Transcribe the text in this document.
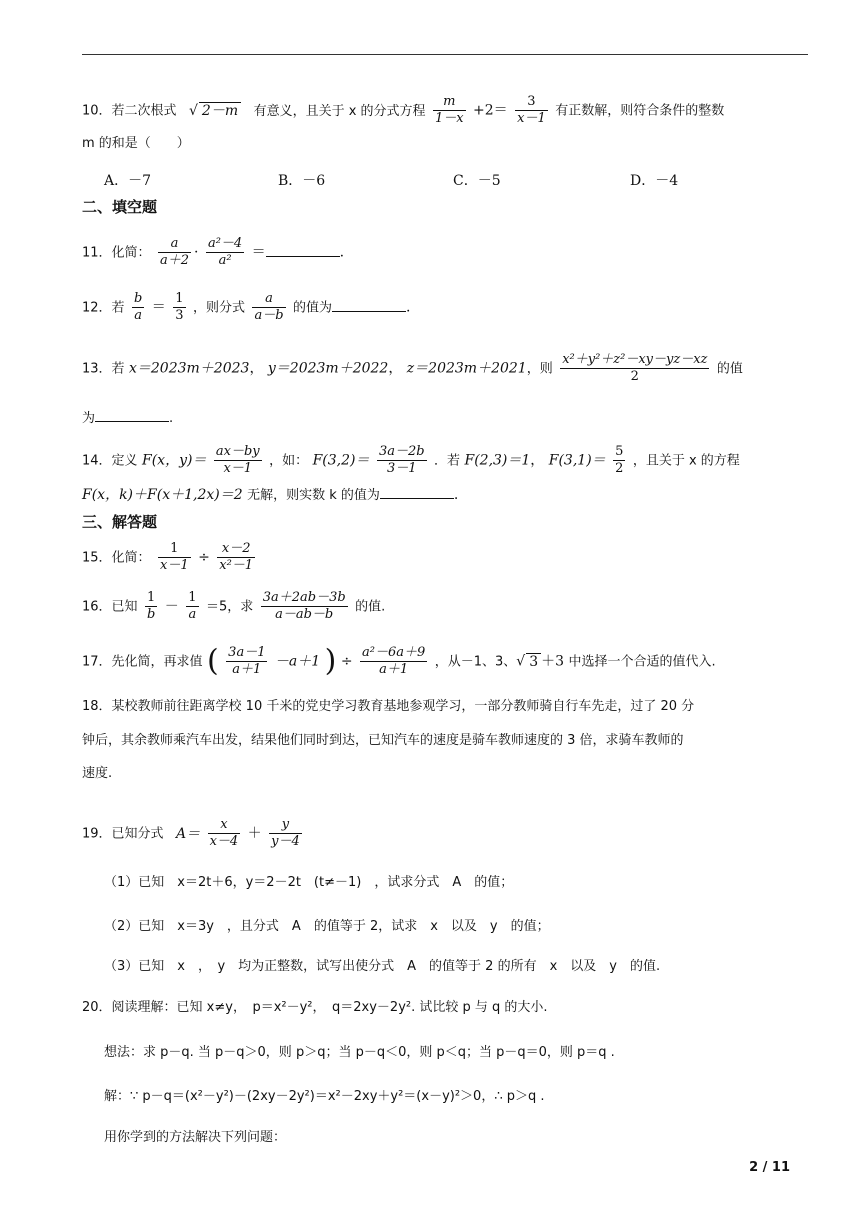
10．若二次根式 √ 2－m 有意义，且关于 x 的分式方程 $\frac{m}{1-x} +2= \frac{3}{x-1}$ 有正数解，则符合条件的整数
m 的和是（　　）
A．－7	B．－6	C．－5	D．－4
二、填空题
11．化简： $\frac{a}{a+2} \cdot \frac{\text{a²－4}}{\text{a²}}$ ＝	.
12．若 $\frac{b}{a} = \frac{1}{3}$ ，则分式 $\frac{a}{a-b}$ 的值为	.
13．若 x＝2023m＋2023， y＝2023m＋2022， z＝2023m＋2021，则 $\frac{\text{x²＋y²＋z²－xy－yz－xz}}{2}$ 的值
为	.
14．定义 F(x，$y)= \frac{ax-by}{x-1}$ ，如： $F(3,2)= \frac{3a-2b}{3-1}$ ．若 F(2,3)＝1， $F(3,1)= \frac{5}{2}$ ，且关于 x 的方程
F(x，k)＋F(x＋1,2x)＝2 无解，则实数 k 的值为	.
三、解答题
15．化简： $\frac{1}{x-1} \div \frac{x-2}{\text{x²－1}}$
16．已知 $\frac{1}{b} - \frac{1}{a} =5$，求 $\frac{3a+2ab-3b}{a-ab-b}$ 的值.
17．先化简，再求值 ( $\frac{3a-1}{a+1} -a+1$ ) ÷ $\frac{\text{a²－6a＋9}}{a+1}$ ，从－1、3、√ 3 ＋3 中选择一个合适的值代入.
18．某校教师前往距离学校 10 千米的党史学习教育基地参观学习，一部分教师骑自行车先走，过了 20 分
钟后，其余教师乘汽车出发，结果他们同时到达，已知汽车的速度是骑车教师速度的 3 倍，求骑车教师的
速度.
19．已知分式 $A= \frac{x}{x-4} + \frac{y}{y-4}$
（1）已知　x＝2t＋6，y＝2－2t　(t≠－1)　，试求分式　A　的值；
（2）已知　x＝3y　，且分式　A　的值等于 2，试求　x　以及　y　的值；
（3）已知　x　，　y　均为正整数，试写出使分式　A　的值等于 2 的所有　x　以及　y　的值.
20．阅读理解：已知 x≠y，　p＝x²－y²，　q＝2xy－2y². 试比较 p 与 q 的大小.
想法：求 p－q. 当 p－q＞0，则 p＞q；当 p－q＜0，则 p＜q；当 p－q＝0，则 p＝q .
解：∵ p－q＝(x²－y²)－(2xy－2y²)＝x²－2xy＋y²＝(x－y)²＞0，∴ p＞q .
用你学到的方法解决下列问题：
2 / 11
